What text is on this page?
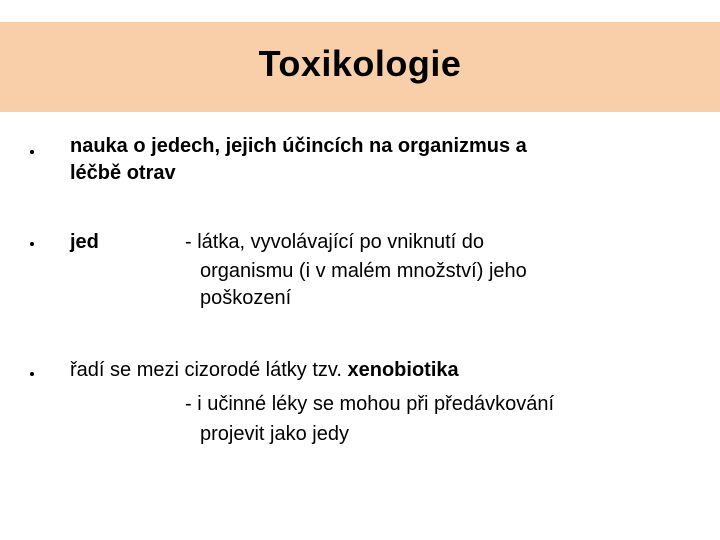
Toxikologie
nauka o jedech, jejich účincích na organizmus a
léčbě otrav
jed	- látka, vyvolávající po vniknutí do
organismu (i v malém množství) jeho
poškození
řadí se mezi cizorodé látky tzv. xenobiotika
- i učinné léky se mohou při předávkování
projevit jako jedy
